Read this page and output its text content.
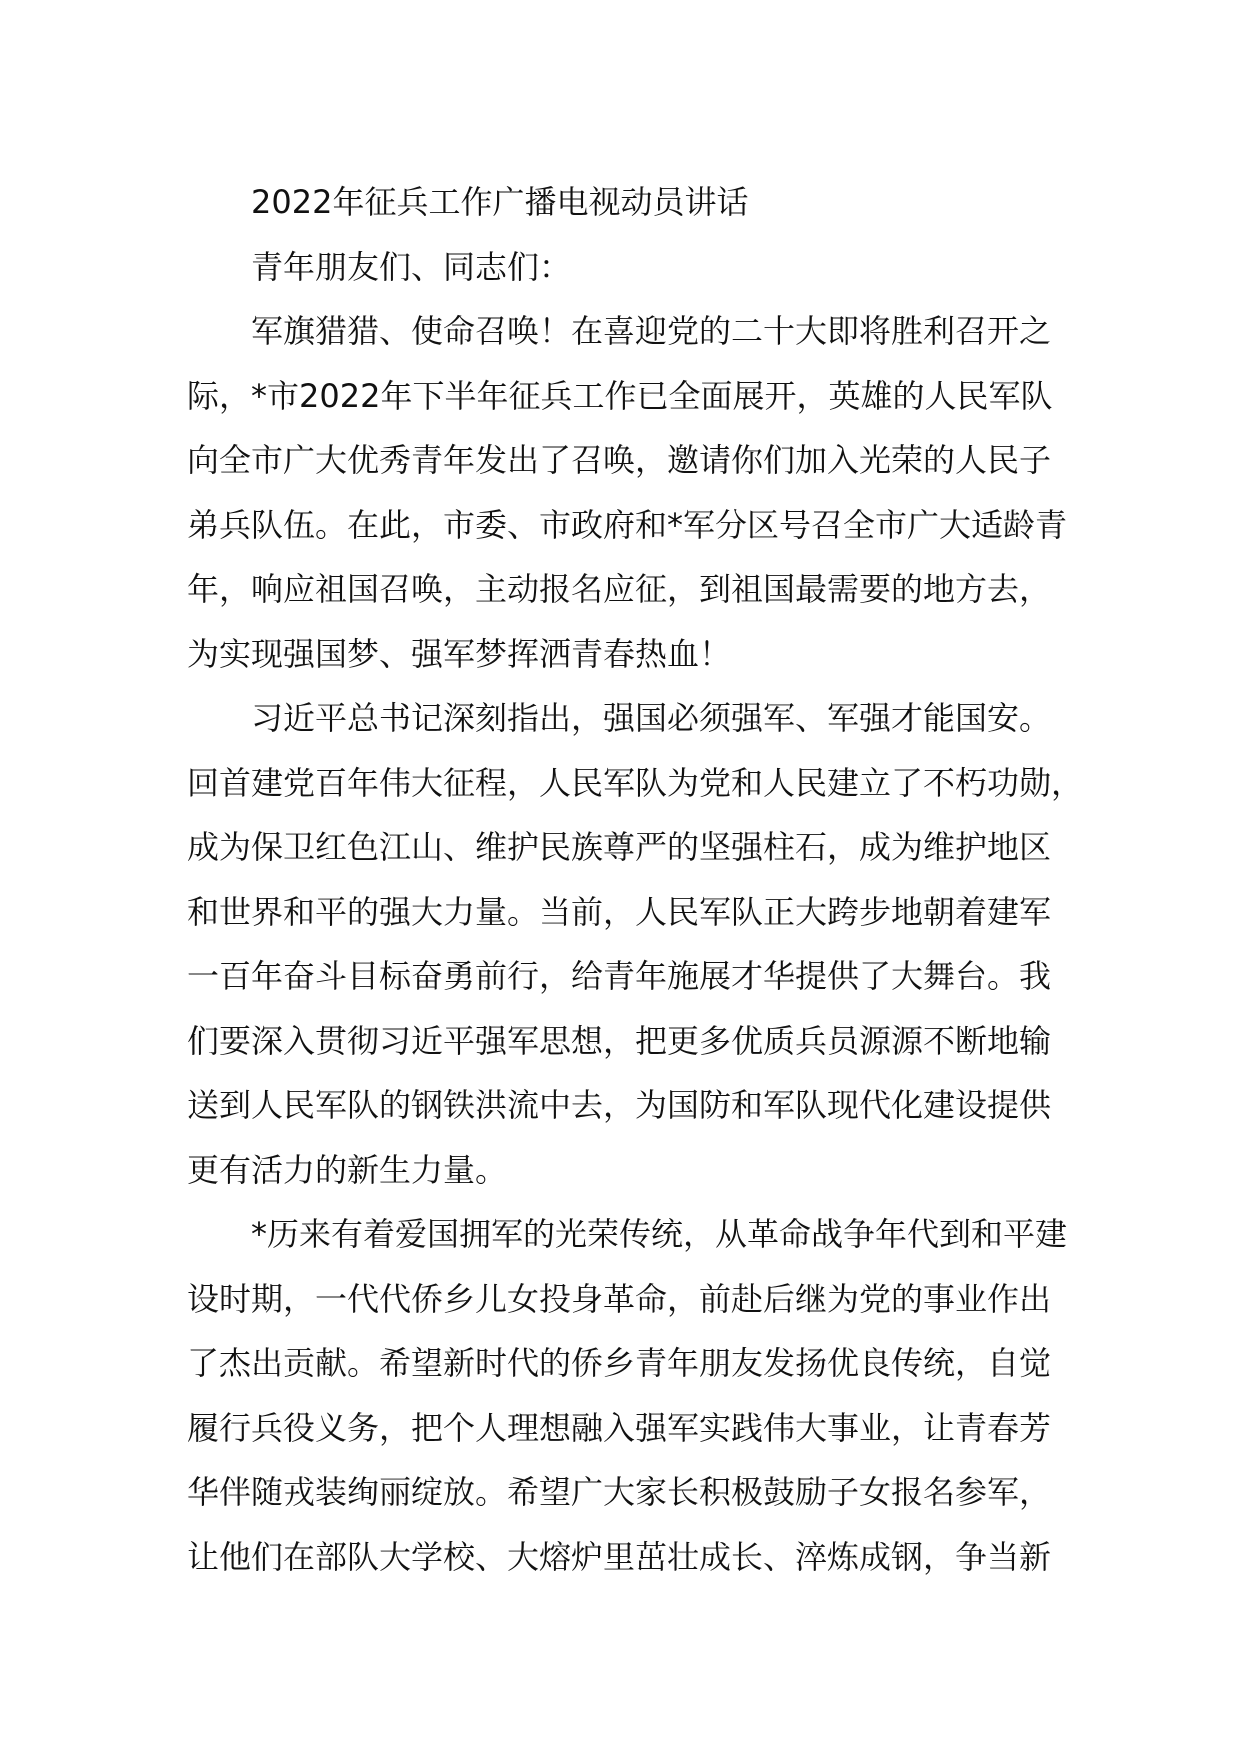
2022年征兵工作广播电视动员讲话
青年朋友们、同志们：
军旗猎猎、使命召唤！在喜迎党的二十大即将胜利召开之
际，*市2022年下半年征兵工作已全面展开，英雄的人民军队
向全市广大优秀青年发出了召唤，邀请你们加入光荣的人民子
弟兵队伍。在此，市委、市政府和*军分区号召全市广大适龄青
年，响应祖国召唤，主动报名应征，到祖国最需要的地方去，
为实现强国梦、强军梦挥洒青春热血！
习近平总书记深刻指出，强国必须强军、军强才能国安。
回首建党百年伟大征程，人民军队为党和人民建立了不朽功勋，
成为保卫红色江山、维护民族尊严的坚强柱石，成为维护地区
和世界和平的强大力量。当前，人民军队正大跨步地朝着建军
一百年奋斗目标奋勇前行，给青年施展才华提供了大舞台。我
们要深入贯彻习近平强军思想，把更多优质兵员源源不断地输
送到人民军队的钢铁洪流中去，为国防和军队现代化建设提供
更有活力的新生力量。
*历来有着爱国拥军的光荣传统，从革命战争年代到和平建
设时期，一代代侨乡儿女投身革命，前赴后继为党的事业作出
了杰出贡献。希望新时代的侨乡青年朋友发扬优良传统，自觉
履行兵役义务，把个人理想融入强军实践伟大事业，让青春芳
华伴随戎装绚丽绽放。希望广大家长积极鼓励子女报名参军，
让他们在部队大学校、大熔炉里茁壮成长、淬炼成钢，争当新
